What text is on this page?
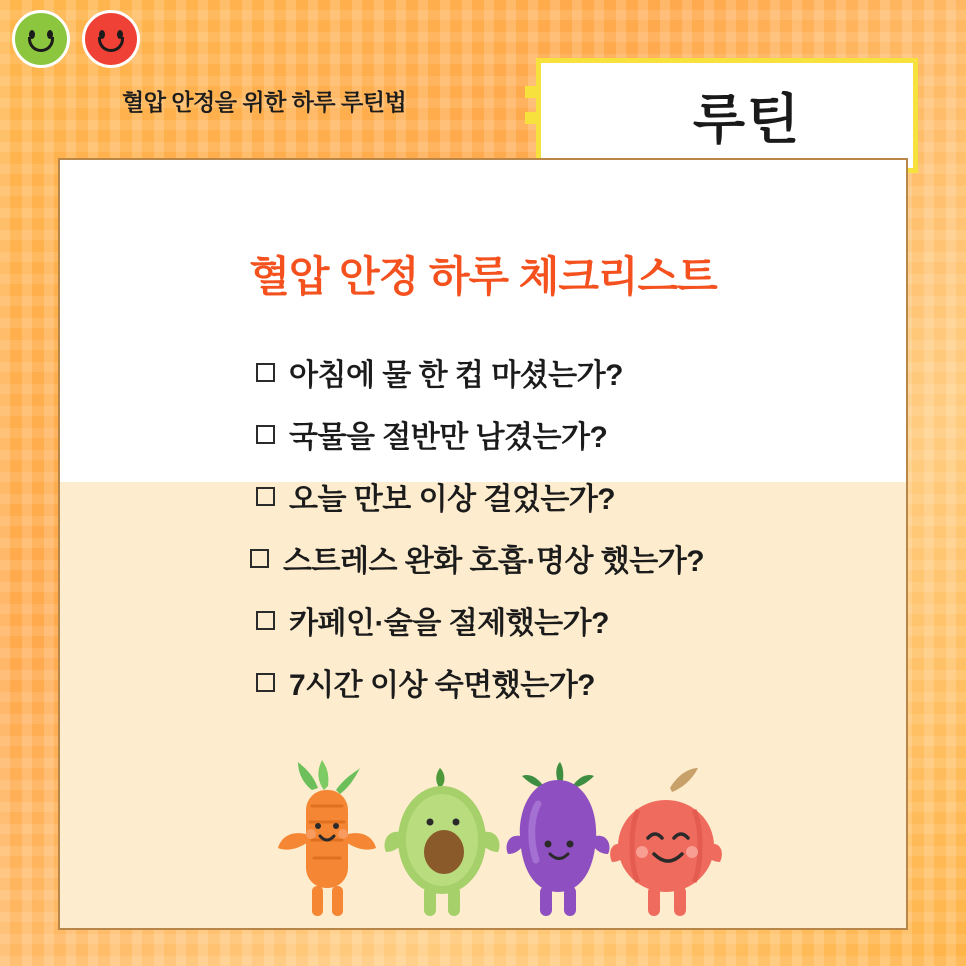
혈압 안정을 위한 하루 루틴법	루틴
혈압 안정 하루 체크리스트
아침에 물 한 컵 마셨는가?
국물을 절반만 남겼는가?
오늘 만보 이상 걸었는가?
스트레스 완화 호흡·명상 했는가?
카페인·술을 절제했는가?
7시간 이상 숙면했는가?
